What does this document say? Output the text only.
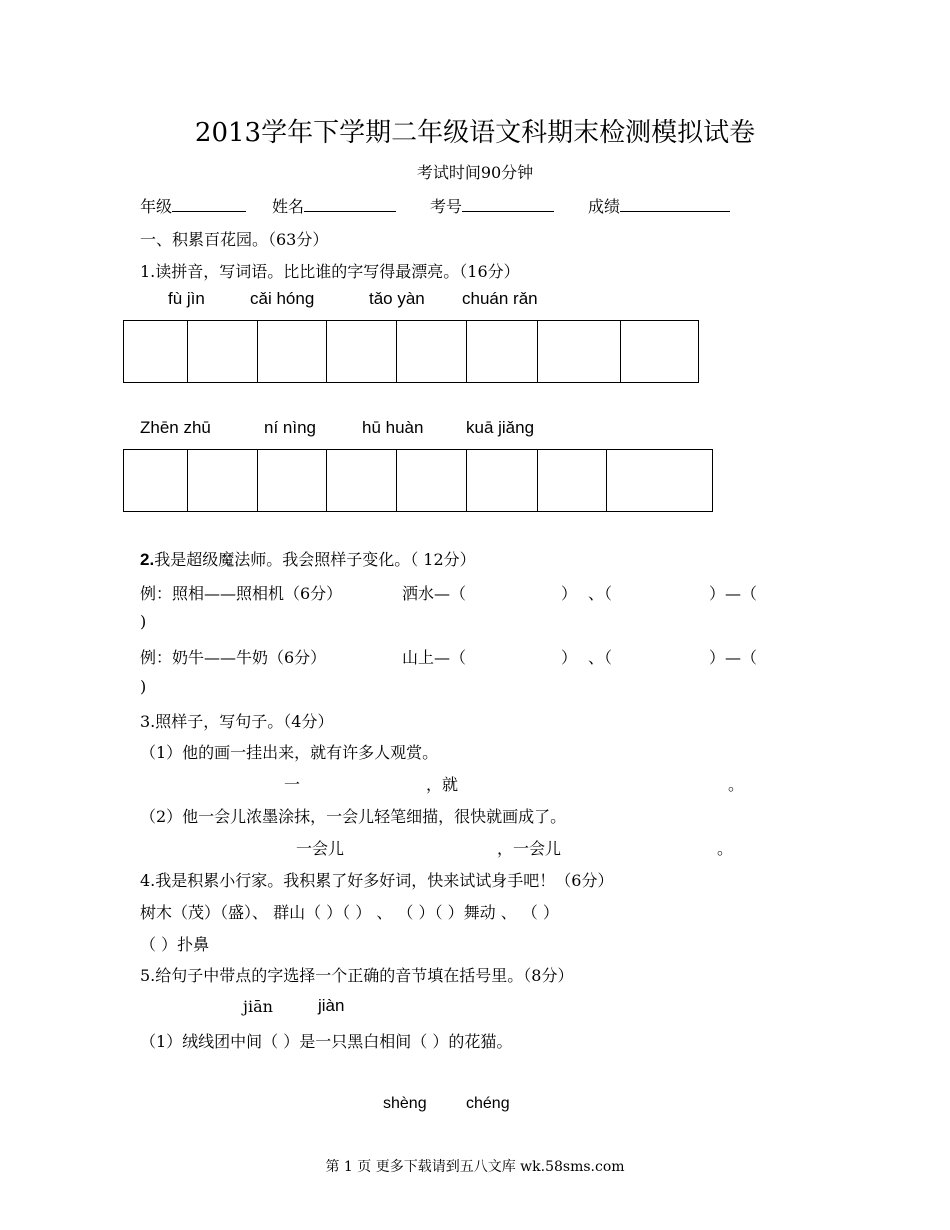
2013学年下学期二年级语文科期末检测模拟试卷
考试时间90分钟
年级	姓名	考号	成绩
一、积累百花园。（63分）
1.读拼音，写词语。比比谁的字写得最漂亮。（16分）
fù jìn	cǎi hóng	tǎo yàn chuán rǎn

Zhēn zhū	ní nìng	hū huàn	kuā jiǎng

2.我是超级魔法师。我会照样子变化。（ 12分）
例：照相——照相机（6分）	洒水—（	） 、（	）—（
)
例：奶牛——牛奶（6分）	山上—（	） 、（	）—（
)
3.照样子，写句子。（4分）
（1）他的画一挂出来，就有许多人观赏。
一	，就	。
（2）他一会儿浓墨涂抹，一会儿轻笔细描，很快就画成了。
一会儿	，一会儿	。
4.我是积累小行家。我积累了好多好词，快来试试身手吧！（6分）
树木（茂）（盛）、 群山（ ）（ ） 、 （ ）（ ）舞动 、 （ ）
（ ）扑鼻
5.给句子中带点的字选择一个正确的音节填在括号里。（8分）
jiān	jiàn
（1）绒线团中间（ ）是一只黑白相间（ ）的花猫。
shèng chéng
第 1 页 更多下载请到五八文库 wk.58sms.com
